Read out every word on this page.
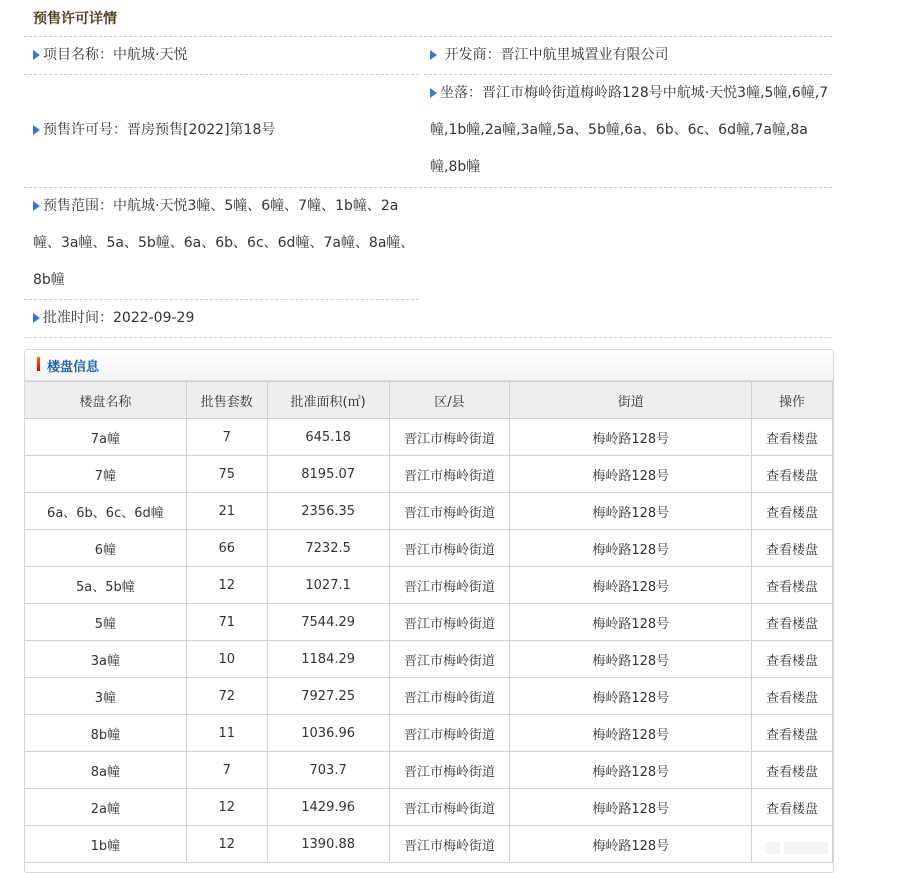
预售许可详情
项目名称：中航城·天悦	开发商：晋江中航里城置业有限公司
预售许可号：晋房预售[2022]第18号
坐落：晋江市梅岭街道梅岭路128号中航城·天悦3幢,5幢,6幢,7幢,1b幢,2a幢,3a幢,5a、5b幢,6a、6b、6c、6d幢,7a幢,8a幢,8b幢
预售范围：中航城·天悦3幢、5幢、6幢、7幢、1b幢、2a幢、3a幢、5a、5b幢、6a、6b、6c、6d幢、7a幢、8a幢、8b幢
批准时间：2022-09-29
楼盘信息
楼盘名称	批售套数	批准面积(㎡)	区/县	街道	操作
7a幢	7	645.18	晋江市梅岭街道	梅岭路128号	查看楼盘
7幢	75	8195.07	晋江市梅岭街道	梅岭路128号	查看楼盘
6a、6b、6c、6d幢	21	2356.35	晋江市梅岭街道	梅岭路128号	查看楼盘
6幢	66	7232.5	晋江市梅岭街道	梅岭路128号	查看楼盘
5a、5b幢	12	1027.1	晋江市梅岭街道	梅岭路128号	查看楼盘
5幢	71	7544.29	晋江市梅岭街道	梅岭路128号	查看楼盘
3a幢	10	1184.29	晋江市梅岭街道	梅岭路128号	查看楼盘
3幢	72	7927.25	晋江市梅岭街道	梅岭路128号	查看楼盘
8b幢	11	1036.96	晋江市梅岭街道	梅岭路128号	查看楼盘
8a幢	7	703.7	晋江市梅岭街道	梅岭路128号	查看楼盘
2a幢	12	1429.96	晋江市梅岭街道	梅岭路128号	查看楼盘
1b幢	12	1390.88	晋江市梅岭街道	梅岭路128号	
